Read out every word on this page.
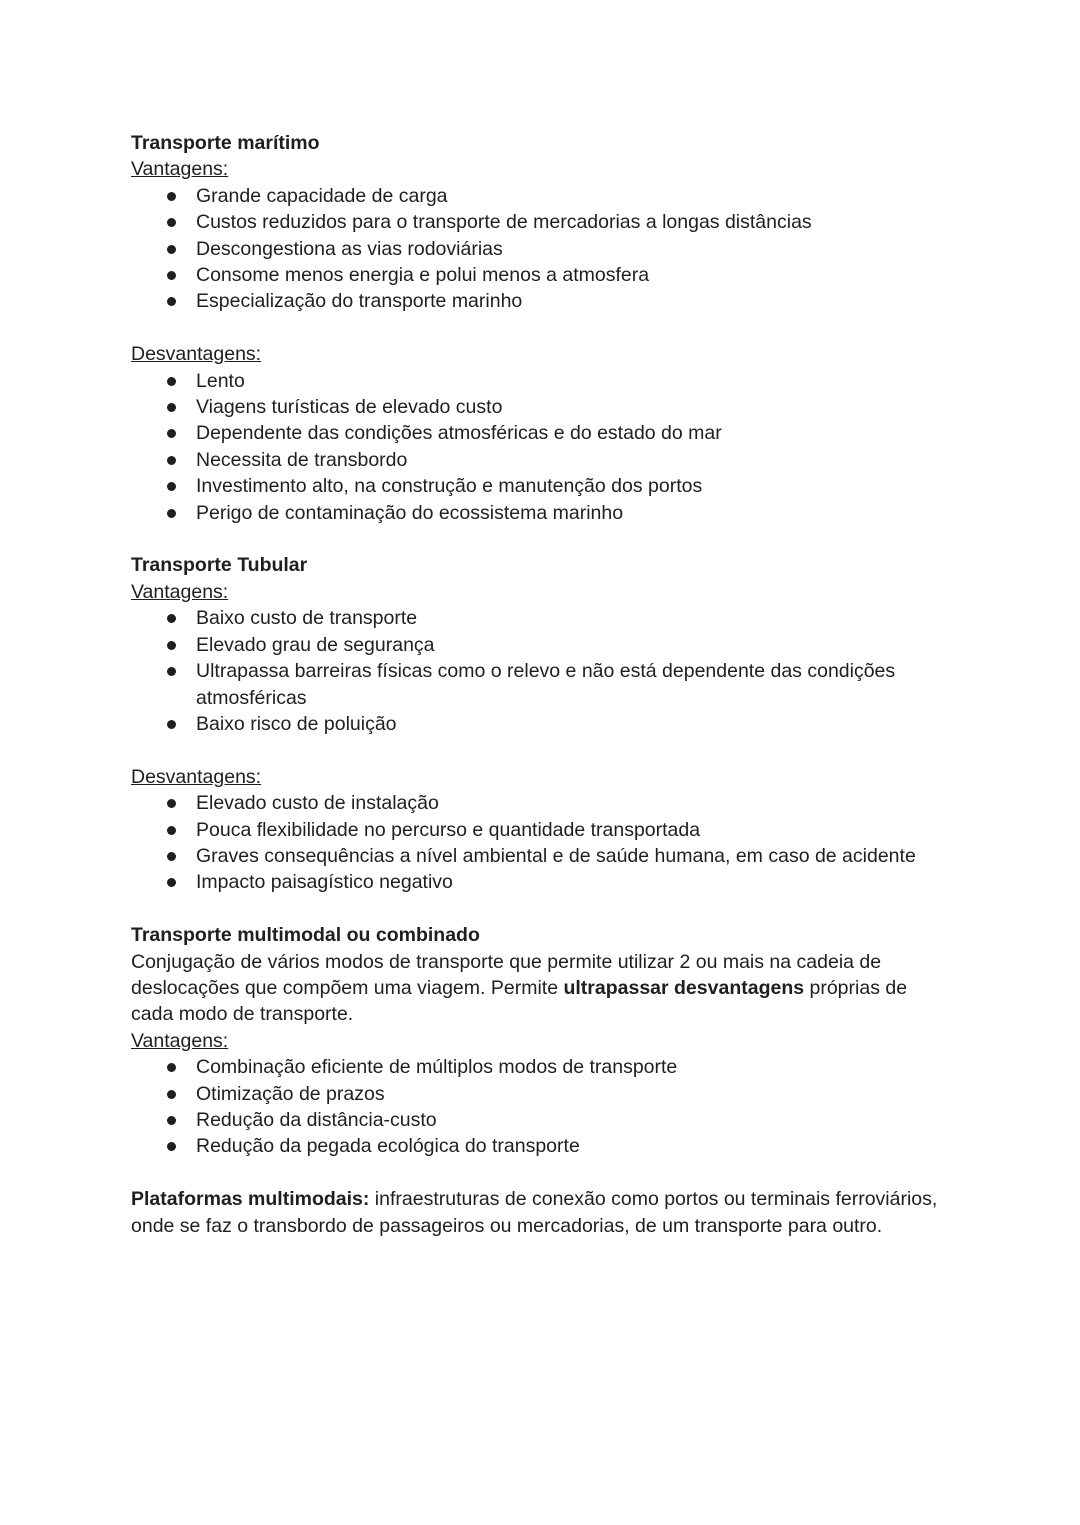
Transporte marítimo
Vantagens:
Grande capacidade de carga
Custos reduzidos para o transporte de mercadorias a longas distâncias
Descongestiona as vias rodoviárias
Consome menos energia e polui menos a atmosfera
Especialização do transporte marinho
Desvantagens:
Lento
Viagens turísticas de elevado custo
Dependente das condições atmosféricas e do estado do mar
Necessita de transbordo
Investimento alto, na construção e manutenção dos portos
Perigo de contaminação do ecossistema marinho
Transporte Tubular
Vantagens:
Baixo custo de transporte
Elevado grau de segurança
Ultrapassa barreiras físicas como o relevo e não está dependente das condições atmosféricas
Baixo risco de poluição
Desvantagens:
Elevado custo de instalação
Pouca flexibilidade no percurso e quantidade transportada
Graves consequências a nível ambiental e de saúde humana, em caso de acidente
Impacto paisagístico negativo
Transporte multimodal ou combinado

Conjugação de vários modos de transporte que permite utilizar 2 ou mais na cadeia de deslocações que compõem uma viagem. Permite ultrapassar desvantagens próprias de cada modo de transporte.

Vantagens:
Combinação eficiente de múltiplos modos de transporte
Otimização de prazos
Redução da distância-custo
Redução da pegada ecológica do transporte

Plataformas multimodais: infraestruturas de conexão como portos ou terminais ferroviários, onde se faz o transbordo de passageiros ou mercadorias, de um transporte para outro.
